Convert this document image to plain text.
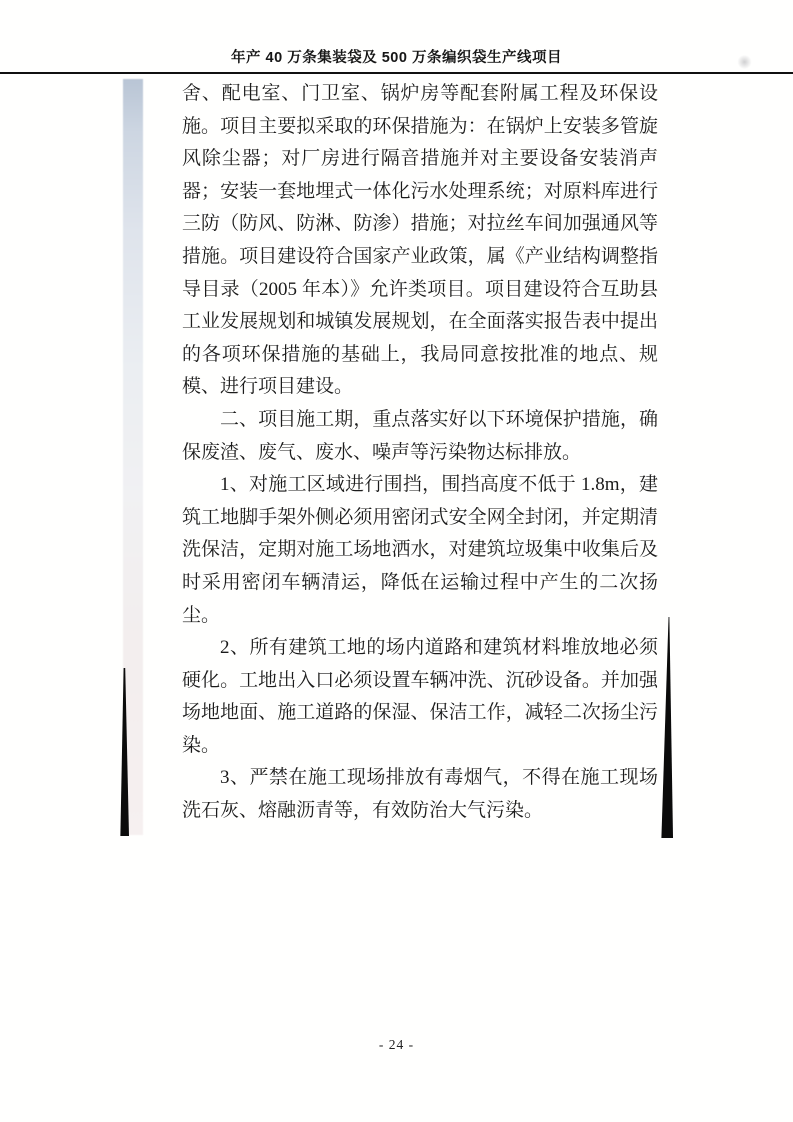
年产 40 万条集装袋及 500 万条编织袋生产线项目

舍、配电室、门卫室、锅炉房等配套附属工程及环保设施。项目主要拟采取的环保措施为：在锅炉上安装多管旋风除尘器；对厂房进行隔音措施并对主要设备安装消声器；安装一套地埋式一体化污水处理系统；对原料库进行三防（防风、防淋、防渗）措施；对拉丝车间加强通风等措施。项目建设符合国家产业政策，属《产业结构调整指导目录（2005 年本）》允许类项目。项目建设符合互助县工业发展规划和城镇发展规划，在全面落实报告表中提出的各项环保措施的基础上，我局同意按批准的地点、规模、进行项目建设。

二、项目施工期，重点落实好以下环境保护措施，确保废渣、废气、废水、噪声等污染物达标排放。

1、对施工区域进行围挡，围挡高度不低于 1.8m，建筑工地脚手架外侧必须用密闭式安全网全封闭，并定期清洗保洁，定期对施工场地洒水，对建筑垃圾集中收集后及时采用密闭车辆清运，降低在运输过程中产生的二次扬尘。

2、所有建筑工地的场内道路和建筑材料堆放地必须硬化。工地出入口必须设置车辆冲洗、沉砂设备。并加强场地地面、施工道路的保湿、保洁工作，减轻二次扬尘污染。

3、严禁在施工现场排放有毒烟气，不得在施工现场洗石灰、熔融沥青等，有效防治大气污染。

- 24 -
